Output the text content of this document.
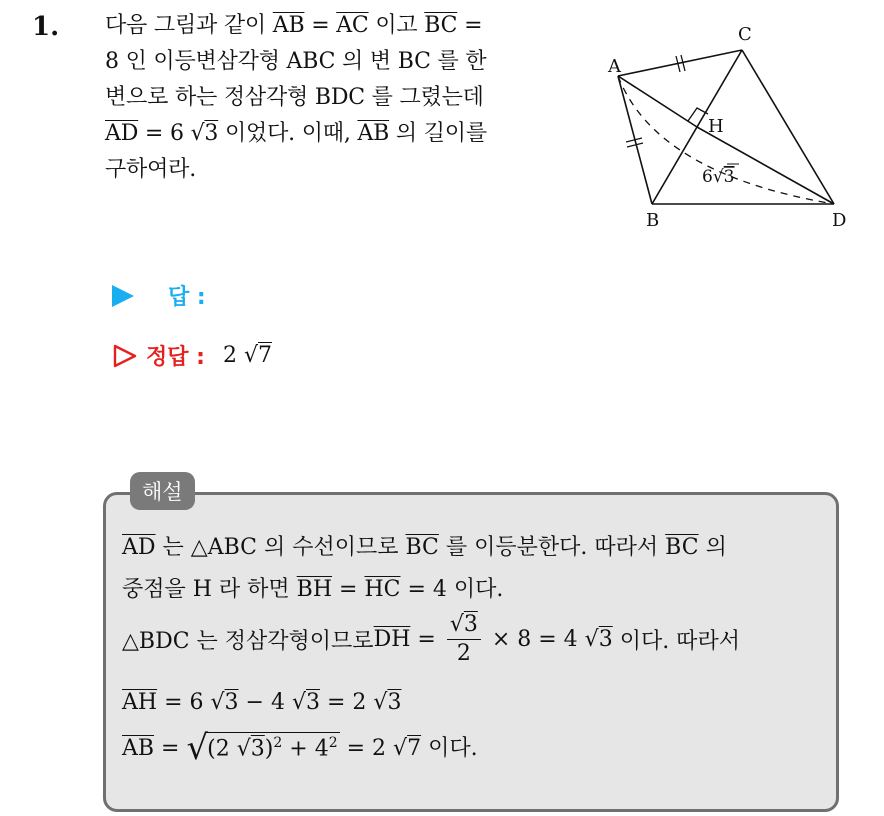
1. 다음 그림과 같이 $\overline{AB} = \overline{AC}$ 이고 $\overline{BC}$ =
8 인 이등변삼각형 ABC 의 변 BC 를 한
변으로 하는 정삼각형 BDC 를 그렸는데
$\overline{AD} = 6$ √3 이었다. 이때, $\overline{AB}$ 의 길이를
구하여라.
A
B
C
D
H
6√3
답 :
정답 : 2 √7
해설
$\overline{AD}$ 는 △ABC 의 수선이므로 $\overline{BC}$ 를 이등분한다. 따라서 $\overline{BC}$ 의
중점을 H 라 하면 $\overline{BH} = \overline{HC} = 4$ 이다.
△BDC 는 정삼각형이므로 $\overline{DH} = \frac{√3}{2} \times 8 = 4$ √ 3 이다. 따라서
$\overline{AH} = 6$ √3 − 4 √3 = 2 √3
$\overline{AB} = √(2$ $√3)^2 + 4^2 = 2$ √7 이다.
